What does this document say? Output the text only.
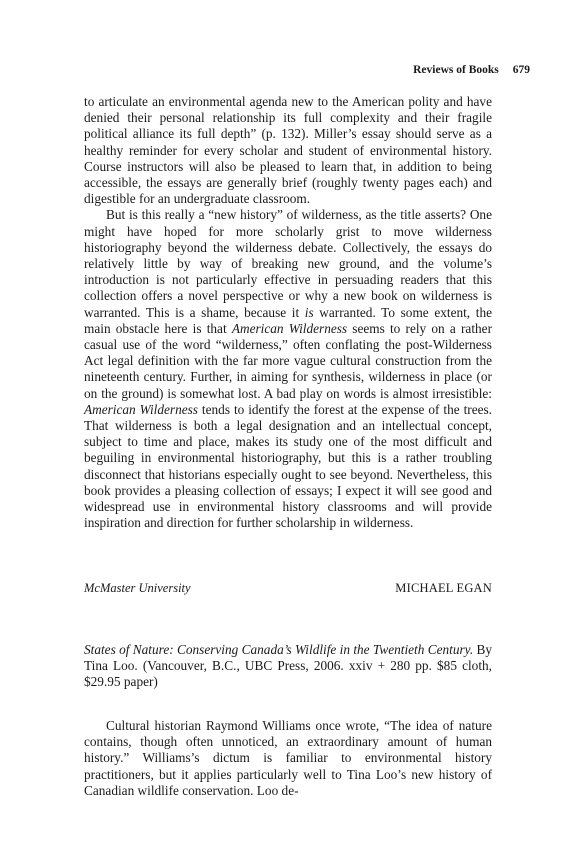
Reviews of Books 679

to articulate an environmental agenda new to the American polity and have denied their personal relationship its full complexity and their fragile political alliance its full depth” (p. 132). Miller’s essay should serve as a healthy reminder for every scholar and student of environmental history. Course instructors will also be pleased to learn that, in addition to being accessible, the essays are generally brief (roughly twenty pages each) and digestible for an undergraduate classroom.

But is this really a “new history” of wilderness, as the title asserts? One might have hoped for more scholarly grist to move wilderness historiography beyond the wilderness debate. Collectively, the essays do relatively little by way of breaking new ground, and the volume’s introduction is not particularly effective in persuading readers that this collection offers a novel perspective or why a new book on wilderness is warranted. This is a shame, because it is warranted. To some extent, the main obstacle here is that American Wilderness seems to rely on a rather casual use of the word “wilderness,” often conflating the post-Wilderness Act legal definition with the far more vague cultural construction from the nineteenth century. Further, in aiming for synthesis, wilderness in place (or on the ground) is somewhat lost. A bad play on words is almost irresistible: American Wilderness tends to identify the forest at the expense of the trees. That wilderness is both a legal designation and an intellectual concept, subject to time and place, makes its study one of the most difficult and beguiling in environmental historiography, but this is a rather troubling disconnect that historians especially ought to see beyond. Nevertheless, this book provides a pleasing collection of essays; I expect it will see good and widespread use in environmental history classrooms and will provide inspiration and direction for further scholarship in wilderness.

McMaster University	MICHAEL EGAN

States of Nature: Conserving Canada’s Wildlife in the Twentieth Century. By Tina Loo. (Vancouver, B.C., UBC Press, 2006. xxiv + 280 pp. $85 cloth, $29.95 paper)

Cultural historian Raymond Williams once wrote, “The idea of nature contains, though often unnoticed, an extraordinary amount of human history.” Williams’s dictum is familiar to environmental history practitioners, but it applies particularly well to Tina Loo’s new history of Canadian wildlife conservation. Loo de-
